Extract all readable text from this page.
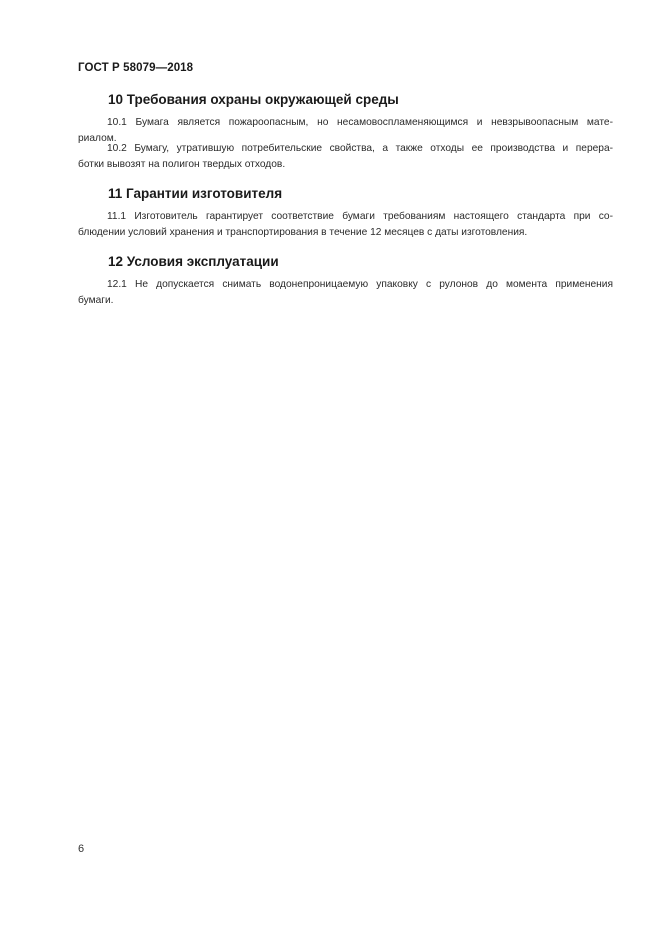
ГОСТ Р 58079—2018
10 Требования охраны окружающей среды
10.1 Бумага является пожароопасным, но несамовоспламеняющимся и невзрывоопасным мате-
риалом.
10.2 Бумагу, утратившую потребительские свойства, а также отходы ее производства и перера-
ботки вывозят на полигон твердых отходов.
11 Гарантии изготовителя
11.1 Изготовитель гарантирует соответствие бумаги требованиям настоящего стандарта при со-
блюдении условий хранения и транспортирования в течение 12 месяцев с даты изготовления.
12 Условия эксплуатации
12.1 Не допускается снимать водонепроницаемую упаковку с рулонов до момента применения
бумаги.
6
